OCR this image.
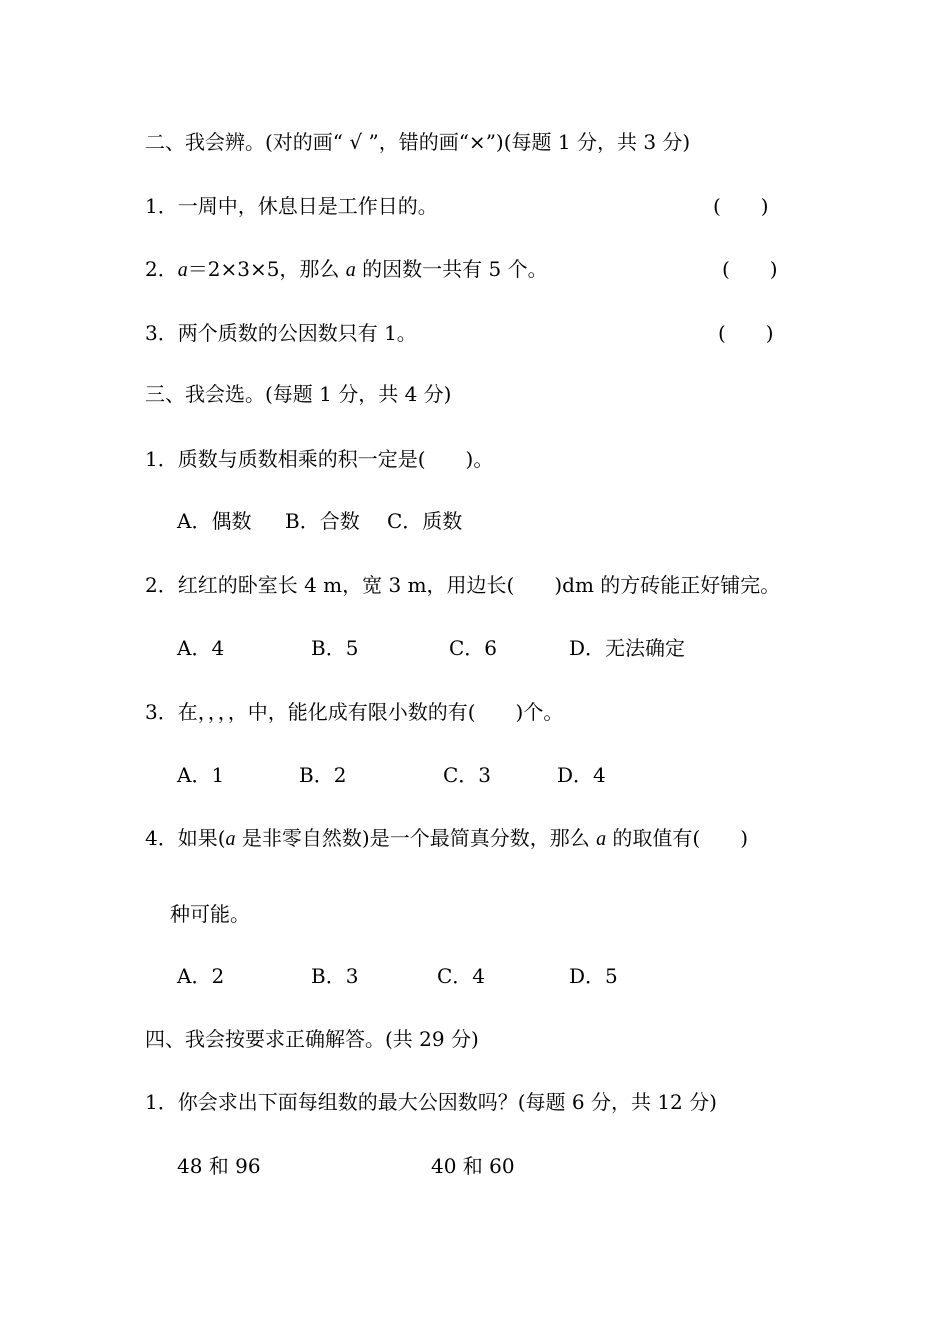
二、我会辨。(对的画“ √ ”，错的画“×”)(每题 1 分，共 3 分)
1．一周中，休息日是工作日的。	(　　)
2．a＝2×3×5，那么 a 的因数一共有 5 个。	(　　)
3．两个质数的公因数只有 1。	(　　)
三、我会选。(每题 1 分，共 4 分)
1．质数与质数相乘的积一定是(　　)。
A．偶数 B．合数 C．质数
2．红红的卧室长 4 m，宽 3 m，用边长(　　)dm 的方砖能正好铺完。
A．4	B．5	C．6	D．无法确定
3．在，，，，中，能化成有限小数的有(　　)个。
A．1	B．2	C．3	D．4
4．如果(a 是非零自然数)是一个最简真分数，那么 a 的取值有(　　)
种可能。
A．2	B．3	C．4	D．5
四、我会按要求正确解答。(共 29 分)
1．你会求出下面每组数的最大公因数吗？(每题 6 分，共 12 分)
48 和 96	40 和 60
